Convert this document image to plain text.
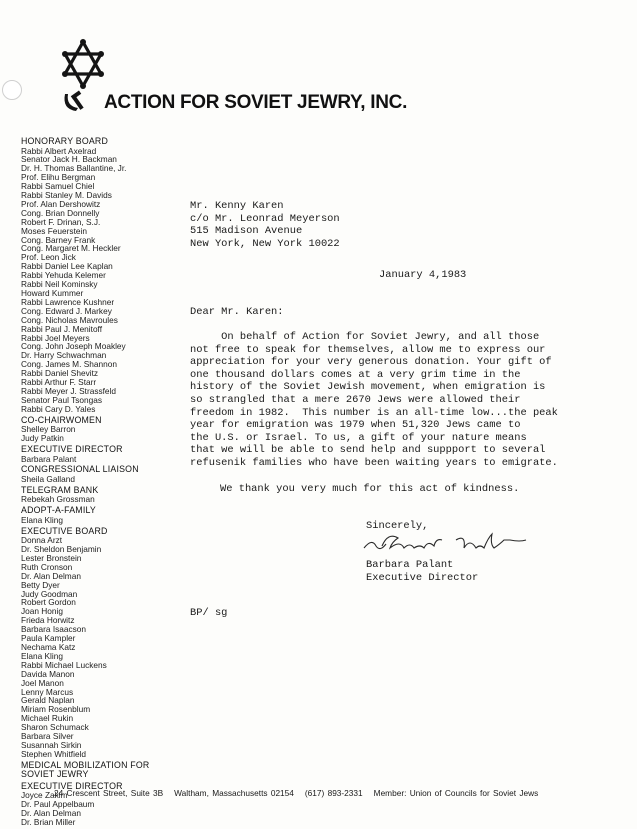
ACTION FOR SOVIET JEWRY, INC.
HONORARY BOARD
Rabbi Albert Axelrad
Senator Jack H. Backman
Dr. H. Thomas Ballantine, Jr.
Prof. Elihu Bergman
Rabbi Samuel Chiel
Rabbi Stanley M. Davids
Prof. Alan Dershowitz
Cong. Brian Donnelly
Robert F. Drinan, S.J.
Moses Feuerstein
Cong. Barney Frank
Cong. Margaret M. Heckler
Prof. Leon Jick
Rabbi Daniel Lee Kaplan
Rabbi Yehuda Kelemer
Rabbi Neil Kominsky
Howard Kummer
Rabbi Lawrence Kushner
Cong. Edward J. Markey
Cong. Nicholas Mavroules
Rabbi Paul J. Menitoff
Rabbi Joel Meyers
Cong. John Joseph Moakley
Dr. Harry Schwachman
Cong. James M. Shannon
Rabbi Daniel Shevitz
Rabbi Arthur F. Starr
Rabbi Meyer J. Strassfeld
Senator Paul Tsongas
Rabbi Cary D. Yales
CO-CHAIRWOMEN
Shelley Barron
Judy Patkin
EXECUTIVE DIRECTOR
Barbara Palant
CONGRESSIONAL LIAISON
Sheila Galland
TELEGRAM BANK
Rebekah Grossman
ADOPT-A-FAMILY
Elana Kling
EXECUTIVE BOARD
Donna Arzt
Dr. Sheldon Benjamin
Lester Bronstein
Ruth Cronson
Dr. Alan Delman
Betty Dyer
Judy Goodman
Robert Gordon
Joan Honig
Frieda Horwitz
Barbara Isaacson
Paula Kampler
Nechama Katz
Elana Kling
Rabbi Michael Luckens
Davida Manon
Joel Manon
Lenny Marcus
Gerald Naplan
Miriam Rosenblum
Michael Rukin
Sharon Schumack
Barbara Silver
Susannah Sirkin
Stephen Whitfield
MEDICAL MOBILIZATION FOR SOVIET JEWRY
EXECUTIVE DIRECTOR
Joyce Zakim
Dr. Paul Appelbaum
Dr. Alan Delman
Dr. Brian Miller
Mr. Kenny Karen
c/o Mr. Leonrad Meyerson
515 Madison Avenue
New York, New York 10022
January 4,1983
Dear Mr. Karen:
On behalf of Action for Soviet Jewry, and all those
not free to speak for themselves, allow me to express our
appreciation for your very generous donation. Your gift of
one thousand dollars comes at a very grim time in the
history of the Soviet Jewish movement, when emigration is
so strangled that a mere 2670 Jews were allowed their
freedom in 1982.  This number is an all-time low...the peak
year for emigration was 1979 when 51,320 Jews came to
the U.S. or Israel. To us, a gift of your nature means
that we will be able to send help and suppport to several
refusenik families who have been waiting years to emigrate.
We thank you very much for this act of kindness.
Sincerely,
Barbara Palant
Executive Director
BP/ sg
24 Crescent Street, Suite 3B Waltham, Massachusetts 02154 (617) 893-2331 Member: Union of Councils for Soviet Jews
